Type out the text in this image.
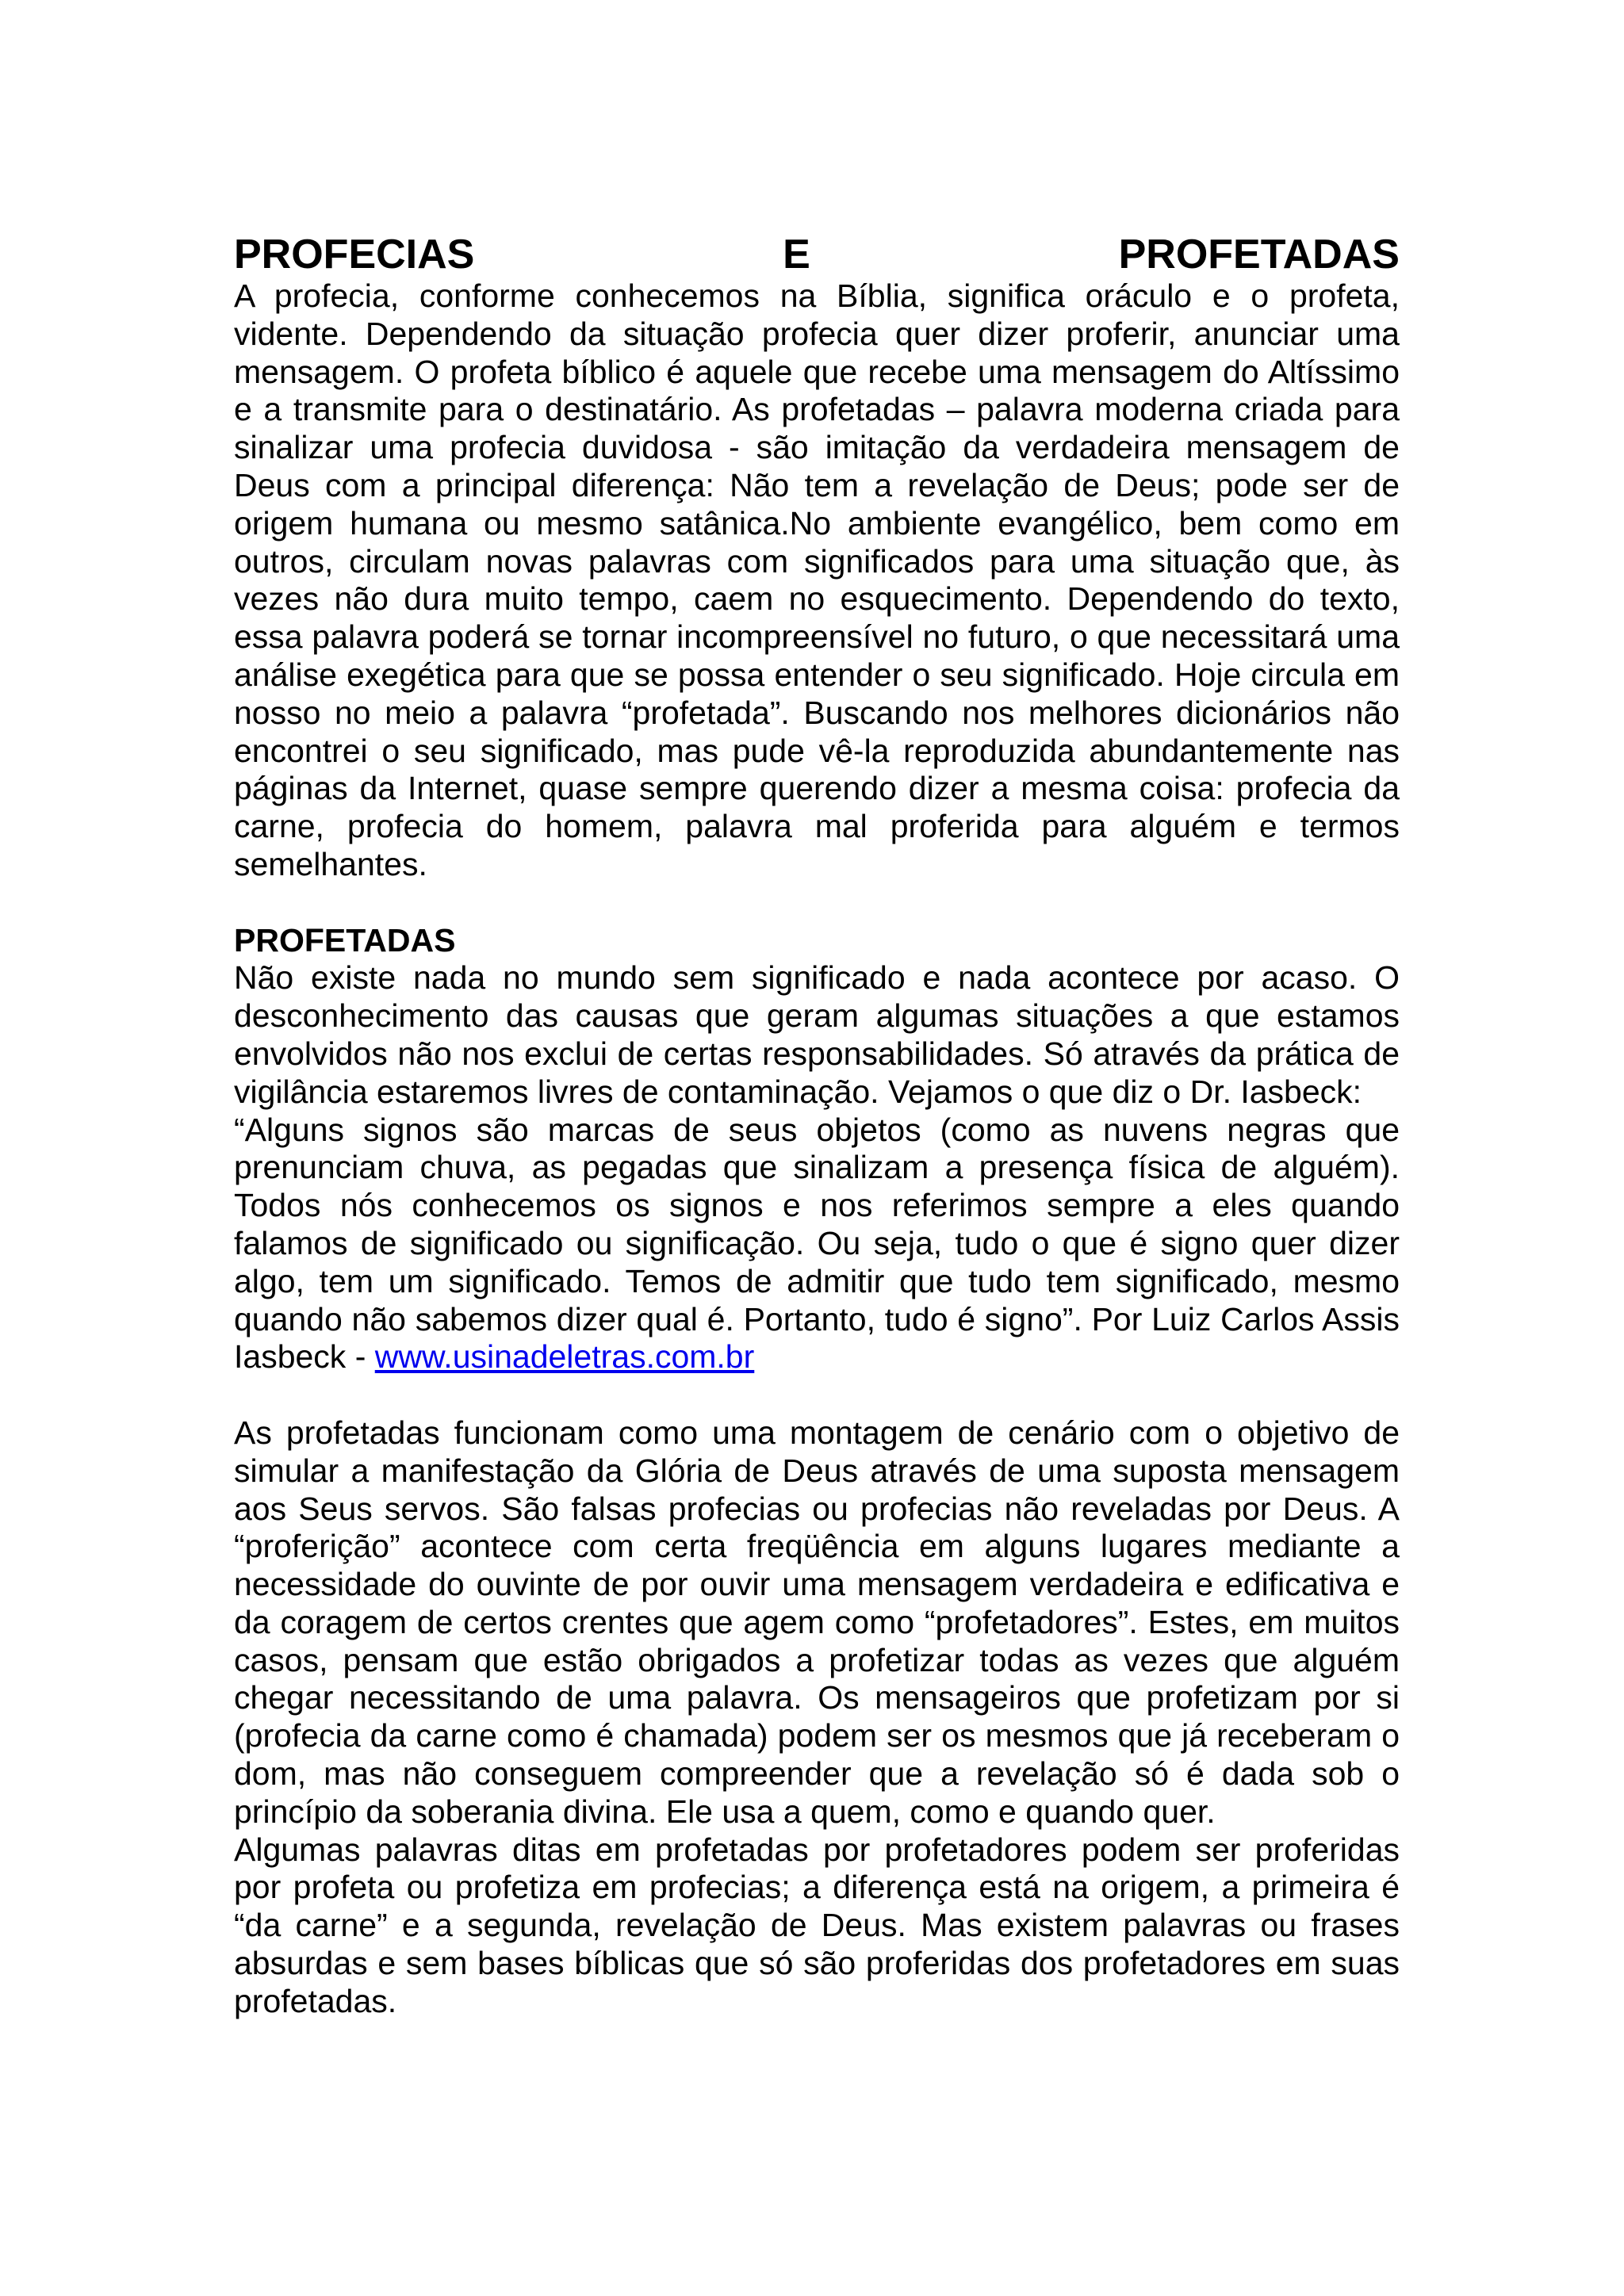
PROFECIAS	E	PROFETADAS

A profecia, conforme conhecemos na Bíblia, significa oráculo e o profeta, vidente. Dependendo da situação profecia quer dizer proferir, anunciar uma mensagem. O profeta bíblico é aquele que recebe uma mensagem do Altíssimo e a transmite para o destinatário. As profetadas – palavra moderna criada para sinalizar uma profecia duvidosa - são imitação da verdadeira mensagem de Deus com a principal diferença: Não tem a revelação de Deus; pode ser de origem humana ou mesmo satânica.No ambiente evangélico, bem como em outros, circulam novas palavras com significados para uma situação que, às vezes não dura muito tempo, caem no esquecimento. Dependendo do texto, essa palavra poderá se tornar incompreensível no futuro, o que necessitará uma análise exegética para que se possa entender o seu significado. Hoje circula em nosso no meio a palavra “profetada”. Buscando nos melhores dicionários não encontrei o seu significado, mas pude vê-la reproduzida abundantemente nas páginas da Internet, quase sempre querendo dizer a mesma coisa: profecia da carne, profecia do homem, palavra mal proferida para alguém e termos semelhantes.

PROFETADAS

Não existe nada no mundo sem significado e nada acontece por acaso. O desconhecimento das causas que geram algumas situações a que estamos envolvidos não nos exclui de certas responsabilidades. Só através da prática de vigilância estaremos livres de contaminação. Vejamos o que diz o Dr. Iasbeck:

“Alguns signos são marcas de seus objetos (como as nuvens negras que prenunciam chuva, as pegadas que sinalizam a presença física de alguém). Todos nós conhecemos os signos e nos referimos sempre a eles quando falamos de significado ou significação. Ou seja, tudo o que é signo quer dizer algo, tem um significado. Temos de admitir que tudo tem significado, mesmo quando não sabemos dizer qual é. Portanto, tudo é signo”. Por Luiz Carlos Assis Iasbeck - www.usinadeletras.com.br

As profetadas funcionam como uma montagem de cenário com o objetivo de simular a manifestação da Glória de Deus através de uma suposta mensagem aos Seus servos. São falsas profecias ou profecias não reveladas por Deus. A “proferição” acontece com certa freqüência em alguns lugares mediante a necessidade do ouvinte de por ouvir uma mensagem verdadeira e edificativa e da coragem de certos crentes que agem como “profetadores”. Estes, em muitos casos, pensam que estão obrigados a profetizar todas as vezes que alguém chegar necessitando de uma palavra. Os mensageiros que profetizam por si (profecia da carne como é chamada) podem ser os mesmos que já receberam o dom, mas não conseguem compreender que a revelação só é dada sob o princípio da soberania divina. Ele usa a quem, como e quando quer.

Algumas palavras ditas em profetadas por profetadores podem ser proferidas por profeta ou profetiza em profecias; a diferença está na origem, a primeira é “da carne” e a segunda, revelação de Deus. Mas existem palavras ou frases absurdas e sem bases bíblicas que só são proferidas dos profetadores em suas profetadas.
